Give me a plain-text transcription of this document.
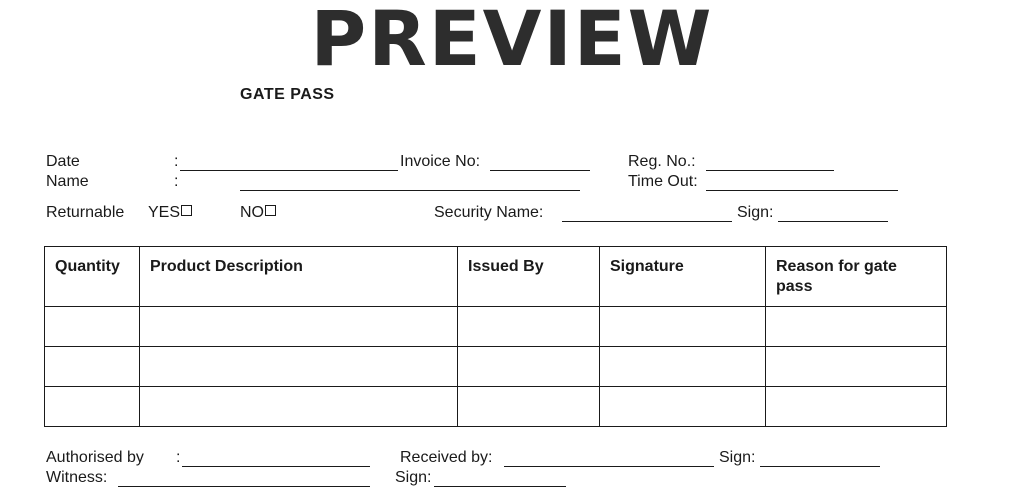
PREVIEW
GATE PASS
Date	:	Invoice No:	Reg. No.:
Name	:	Time Out:
Returnable YES	NO	Security Name:	Sign:
Quantity	Product Description	Issued By	Signature	Reason for gate pass

Authorised by :	Received by:	Sign:
Witness:	Sign:
